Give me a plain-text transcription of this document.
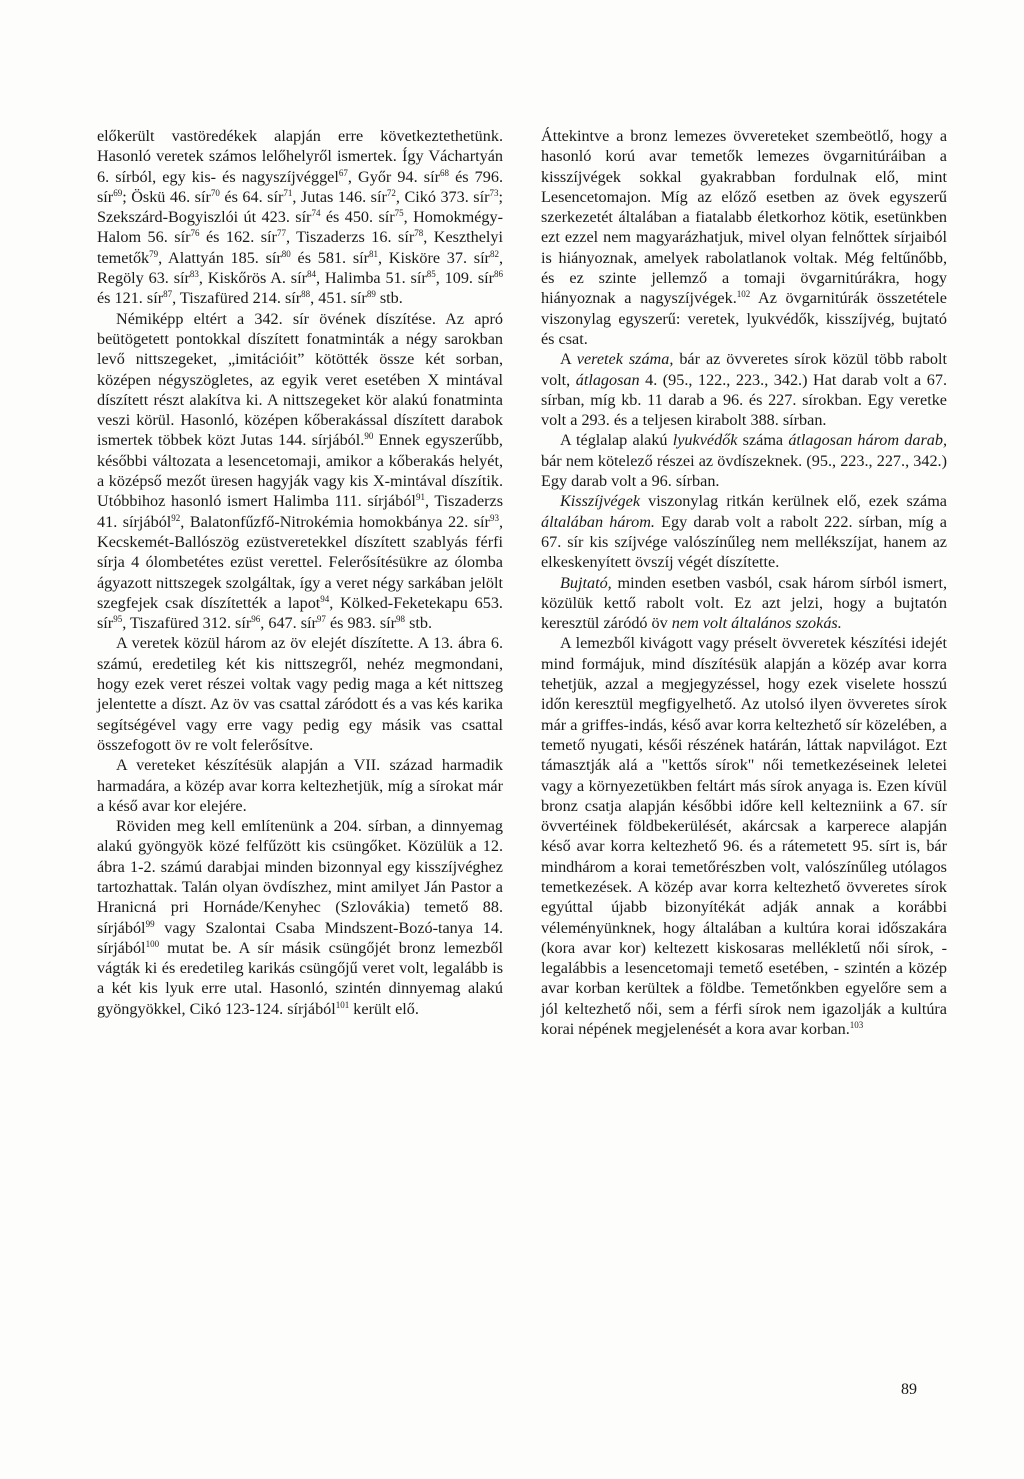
előkerült vastöredékek alapján erre következtethetünk. Hasonló veretek számos lelőhelyről ismertek. Így Váchartyán 6. sírból, egy kis- és nagyszíjvéggel$^{67}$, Győr 94. sír$^{68}$ és 796. sír$^{69}$; Öskü 46. sír$^{70}$ és 64. sír$^{71}$, Jutas 146. sír$^{72}$, Cikó 373. sír$^{73}$; Szekszárd-Bogyiszlói út 423. sír$^{74}$ és 450. sír$^{75}$, Homokmégy-Halom 56. sír$^{76}$ és 162. sír$^{77}$, Tiszaderzs 16. sír$^{78}$, Keszthelyi temetők$^{79}$, Alattyán 185. sír$^{80}$ és 581. sír$^{81}$, Kisköre 37. sír$^{82}$, Regöly 63. sír$^{83}$, Kiskőrös A. sír$^{84}$, Halimba 51. sír$^{85}$, 109. sír$^{86}$ és 121. sír$^{87}$, Tiszafüred 214. sír$^{88}$, 451. sír$^{89}$ stb.

Némiképp eltért a 342. sír övének díszítése. Az apró beütögetett pontokkal díszített fonatminták a négy sarokban levő nittszegeket, „imitációit” kötötték össze két sorban, középen négyszögletes, az egyik veret esetében X mintával díszített részt alakítva ki. A nittszegeket kör alakú fonatminta veszi körül. Hasonló, középen kőberakással díszített darabok ismertek többek közt Jutas 144. sírjából.$^{90}$ Ennek egyszerűbb, későbbi változata a lesencetomaji, amikor a kőberakás helyét, a középső mezőt üresen hagyják vagy kis X-mintával díszítik. Utóbbihoz hasonló ismert Halimba 111. sírjából$^{91}$, Tiszaderzs 41. sírjából$^{92}$, Balatonfűzfő-Nitrokémia homokbánya 22. sír$^{93}$, Kecskemét-Ballószög ezüstveretekkel díszített szablyás férfi sírja 4 ólombetétes ezüst verettel. Felerősítésükre az ólomba ágyazott nittszegek szolgáltak, így a veret négy sarkában jelölt szegfejek csak díszítették a lapot$^{94}$, Kölked-Feketekapu 653. sír$^{95}$, Tiszafüred 312. sír$^{96}$, 647. sír$^{97}$ és 983. sír$^{98}$ stb.

A veretek közül három az öv elejét díszítette. A 13. ábra 6. számú, eredetileg két kis nittszegről, nehéz megmondani, hogy ezek veret részei voltak vagy pedig maga a két nittszeg jelentette a díszt. Az öv vas csattal záródott és a vas kés karika segítségével vagy erre vagy pedig egy másik vas csattal összefogott öv re volt felerősítve.

A vereteket készítésük alapján a VII. század harmadik harmadára, a közép avar korra keltezhetjük, míg a sírokat már a késő avar kor elejére.

Röviden meg kell említenünk a 204. sírban, a dinnyemag alakú gyöngyök közé felfűzött kis csüngőket. Közülük a 12. ábra 1-2. számú darabjai minden bizonnyal egy kisszíjvéghez tartozhattak. Talán olyan övdíszhez, mint amilyet Ján Pastor a Hranicná pri Hornáde/Kenyhec (Szlovákia) temető 88. sírjából$^{99}$ vagy Szalontai Csaba Mindszent-Bozó-tanya 14. sírjából$^{100}$ mutat be. A sír másik csüngőjét bronz lemezből vágták ki és eredetileg karikás csüngőjű veret volt, legalább is a két kis lyuk erre utal. Hasonló, szintén dinnyemag alakú gyöngyökkel, Cikó 123-124. sírjából$^{101}$ került elő.

Áttekintve a bronz lemezes övvereteket szembeötlő, hogy a hasonló korú avar temetők lemezes övgarnitúráiban a kisszíjvégek sokkal gyakrabban fordulnak elő, mint Lesencetomajon. Míg az előző esetben az övek egyszerű szerkezetét általában a fiatalabb életkorhoz kötik, esetünkben ezt ezzel nem magyarázhatjuk, mivel olyan felnőttek sírjaiból is hiányoznak, amelyek rabolatlanok voltak. Még feltűnőbb, és ez szinte jellemző a tomaji övgarnitúrákra, hogy hiányoznak a nagyszíjvégek.$^{102}$ Az övgarnitúrák összetétele viszonylag egyszerű: veretek, lyukvédők, kisszíjvég, bujtató és csat.

A veretek száma, bár az övveretes sírok közül több rabolt volt, átlagosan 4. (95., 122., 223., 342.) Hat darab volt a 67. sírban, míg kb. 11 darab a 96. és 227. sírokban. Egy veretke volt a 293. és a teljesen kirabolt 388. sírban.

A téglalap alakú lyukvédők száma átlagosan három darab, bár nem kötelező részei az övdíszeknek. (95., 223., 227., 342.) Egy darab volt a 96. sírban.

Kisszíjvégek viszonylag ritkán kerülnek elő, ezek száma általában három. Egy darab volt a rabolt 222. sírban, míg a 67. sír kis szíjvége valószínűleg nem mellékszíjat, hanem az elkeskenyített övszíj végét díszítette.

Bujtató, minden esetben vasból, csak három sírból ismert, közülük kettő rabolt volt. Ez azt jelzi, hogy a bujtatón keresztül záródó öv nem volt általános szokás.

A lemezből kivágott vagy préselt övveretek készítési idejét mind formájuk, mind díszítésük alapján a közép avar korra tehetjük, azzal a megjegyzéssel, hogy ezek viselete hosszú időn keresztül megfigyelhető. Az utolsó ilyen övveretes sírok már a griffes-indás, késő avar korra keltezhető sír közelében, a temető nyugati, késői részének határán, láttak napvilágot. Ezt támasztják alá a "kettős sírok" női temetkezéseinek leletei vagy a környezetükben feltárt más sírok anyaga is. Ezen kívül bronz csatja alapján későbbi időre kell keltezniink a 67. sír övvertéinek földbekerülését, akárcsak a karperece alapján késő avar korra keltezhető 96. és a rátemetett 95. sírt is, bár mindhárom a korai temetőrészben volt, valószínűleg utólagos temetkezések. A közép avar korra keltezhető övveretes sírok egyúttal újabb bizonyítékát adják annak a korábbi véleményünknek, hogy általában a kultúra korai időszakára (kora avar kor) keltezett kiskosaras mellékletű női sírok, - legalábbis a lesencetomaji temető esetében, - szintén a közép avar korban kerültek a földbe. Temetőnkben egyelőre sem a jól keltezhető női, sem a férfi sírok nem igazolják a kultúra korai népének megjelenését a kora avar korban.$^{103}$

89
